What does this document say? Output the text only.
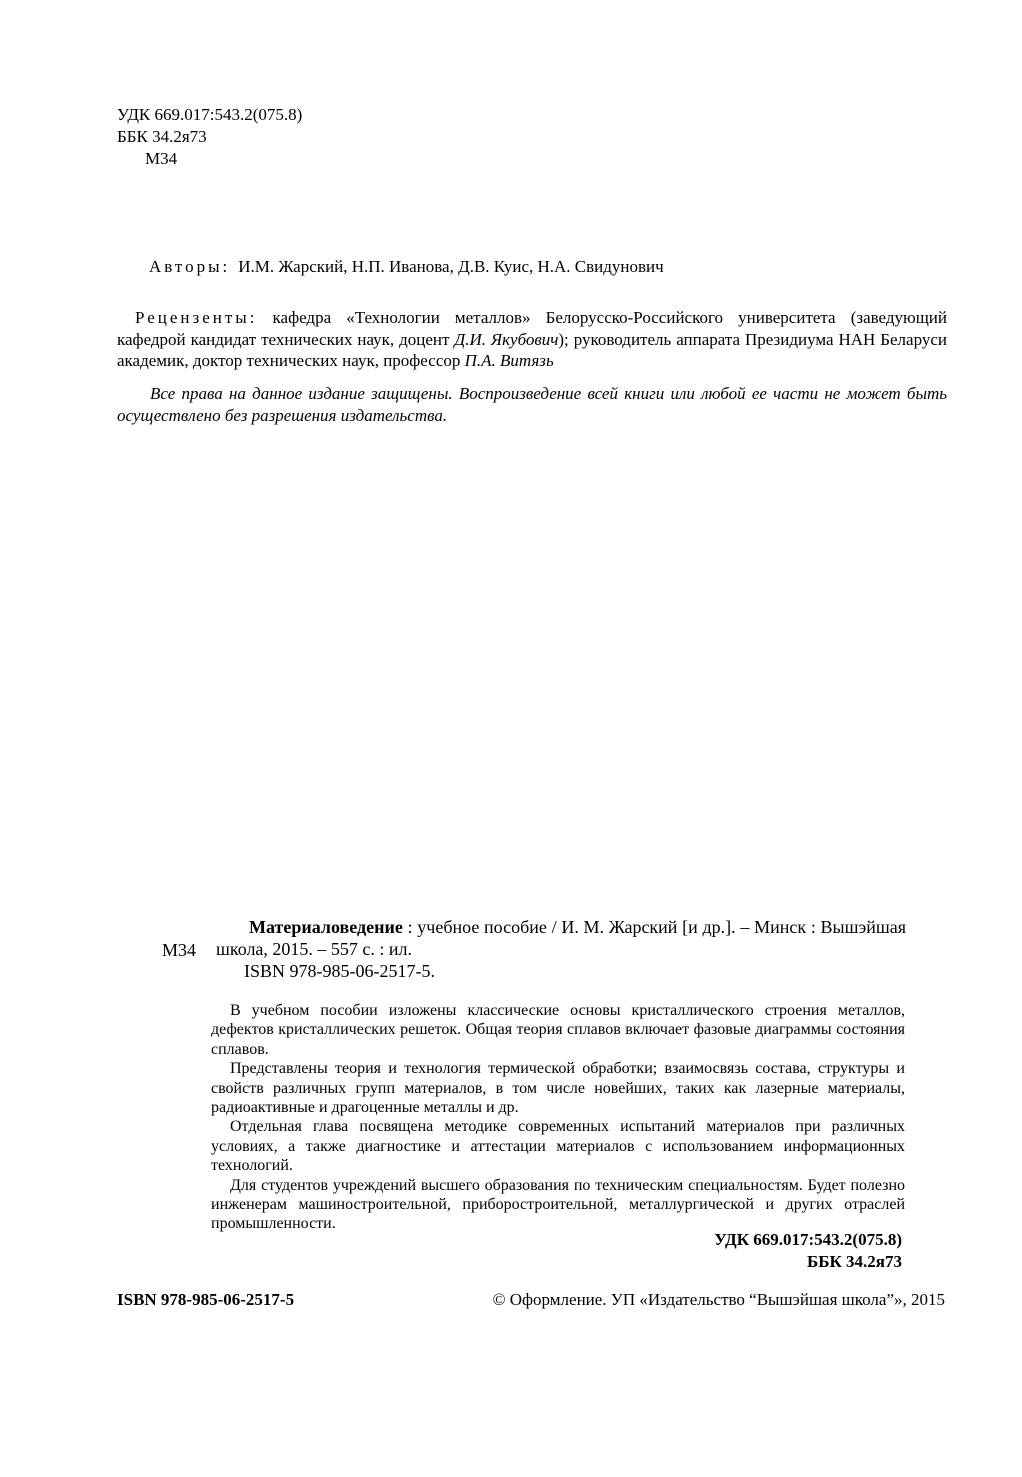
УДК 669.017:543.2(075.8)
ББК 34.2я73
М34

Авторы: И.М. Жарский, Н.П. Иванова, Д.В. Куис, Н.А. Свидунович

Рецензенты: кафедра «Технологии металлов» Белорусско-Российского университета (заведующий кафедрой кандидат технических наук, доцент Д.И. Якубович); руководитель аппарата Президиума НАН Беларуси академик, доктор технических наук, профессор П.А. Витязь

Все права на данное издание защищены. Воспроизведение всей книги или любой ее части не может быть осуществлено без разрешения издательства.

М34

Материаловедение : учебное пособие / И. М. Жарский [и др.]. – Минск : Вышэйшая школа, 2015. – 557 с. : ил.

ISBN 978-985-06-2517-5.

В учебном пособии изложены классические основы кристаллического строения металлов, дефектов кристаллических решеток. Общая теория сплавов включает фазовые диаграммы состояния сплавов.

Представлены теория и технология термической обработки; взаимосвязь состава, структуры и свойств различных групп материалов, в том числе новейших, таких как лазерные материалы, радиоактивные и драгоценные металлы и др.

Отдельная глава посвящена методике современных испытаний материалов при различных условиях, а также диагностике и аттестации материалов с использованием информационных технологий.

Для студентов учреждений высшего образования по техническим специальностям. Будет полезно инженерам машиностроительной, приборостроительной, металлургической и других отраслей промышленности.

УДК 669.017:543.2(075.8)
ББК 34.2я73
ISBN 978-985-06-2517-5	© Оформление. УП «Издательство “Вышэйшая школа”», 2015
